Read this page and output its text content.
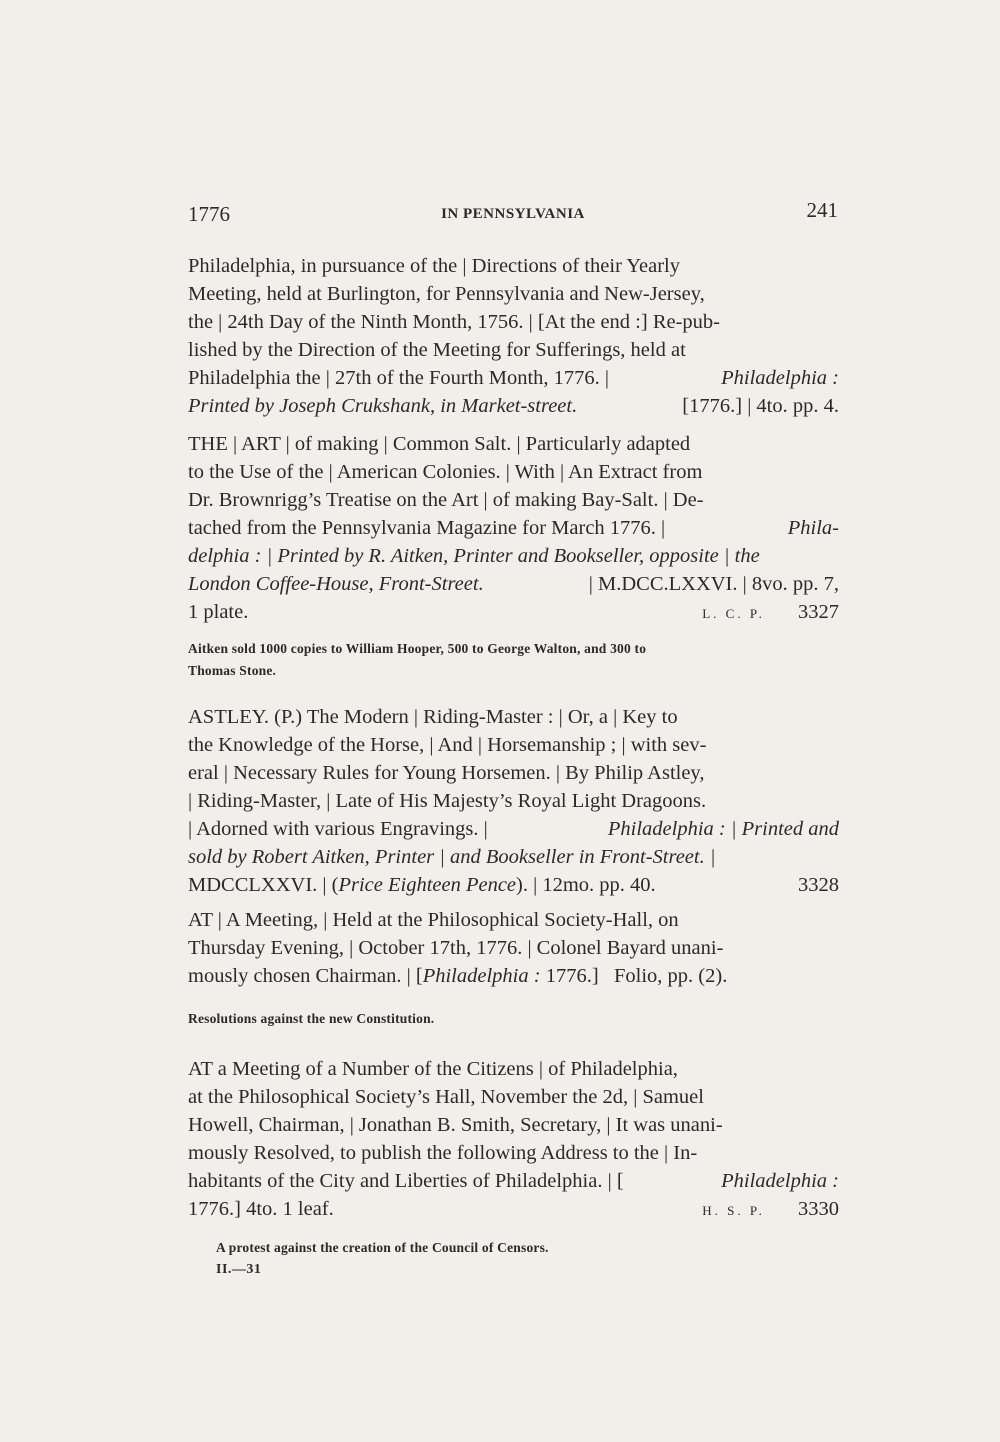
1776	IN PENNSYLVANIA	241
Philadelphia, in pursuance of the | Directions of their Yearly
Meeting, held at Burlington, for Pennsylvania and New-Jersey,
the | 24th Day of the Ninth Month, 1756. | [At the end :] Re-pub-
lished by the Direction of the Meeting for Sufferings, held at
Philadelphia the | 27th of the Fourth Month, 1776. |	Philadelphia :
Printed by Joseph Crukshank, in Market-street.	[1776.] | 4to. pp. 4.
THE | ART | of making | Common Salt. | Particularly adapted
to the Use of the | American Colonies. | With | An Extract from
Dr. Brownrigg’s Treatise on the Art | of making Bay-Salt. | De-
tached from the Pennsylvania Magazine for March 1776. |	Phila-
delphia : | Printed by R. Aitken, Printer and Bookseller, opposite | the
London Coffee-House, Front-Street.	| M.DCC.LXXVI. | 8vo. pp. 7,
1 plate.	L. C. P. 3327
Aitken sold 1000 copies to William Hooper, 500 to George Walton, and 300 to
Thomas Stone.
ASTLEY. (P.) The Modern | Riding-Master : | Or, a | Key to
the Knowledge of the Horse, | And | Horsemanship ; | with sev-
eral | Necessary Rules for Young Horsemen. | By Philip Astley,
| Riding-Master, | Late of His Majesty’s Royal Light Dragoons.
| Adorned with various Engravings. |	Philadelphia : | Printed and
sold by Robert Aitken, Printer | and Bookseller in Front-Street. |
MDCCLXXVI. | (Price Eighteen Pence). | 12mo. pp. 40.	3328
AT | A Meeting, | Held at the Philosophical Society-Hall, on
Thursday Evening, | October 17th, 1776. | Colonel Bayard unani-
mously chosen Chairman. | [ Philadelphia :
1776.]   Folio, pp. (2).
Resolutions against the new Constitution.
AT a Meeting of a Number of the Citizens | of Philadelphia,
at the Philosophical Society’s Hall, November the 2d, | Samuel
Howell, Chairman, | Jonathan B. Smith, Secretary, | It was unani-
mously Resolved, to publish the following Address to the | In-
habitants of the City and Liberties of Philadelphia. | [	Philadelphia :
1776.] 4to. 1 leaf.	H. S. P. 3330
A protest against the creation of the Council of Censors.
II.—31
